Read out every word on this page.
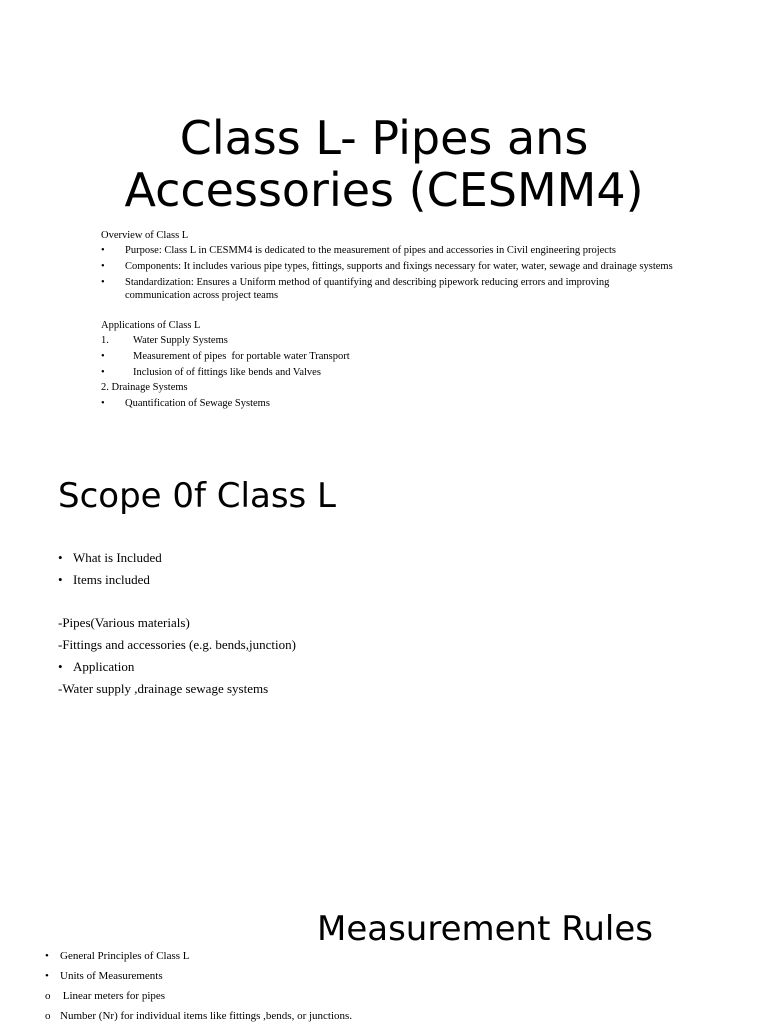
Class L- Pipes ans
Accessories (CESMM4)
Overview of Class L
• Purpose: Class L in CESMM4 is dedicated to the measurement of pipes and accessories in Civil engineering projects
• Components: It includes various pipe types, fittings, supports and fixings necessary for water, water, sewage and drainage systems
• Standardization: Ensures a Uniform method of quantifying and describing pipework reducing errors and improving communication across project teams
Applications of Class L
1. Water Supply Systems
•	Measurement of pipes  for portable water Transport
•	Inclusion of of fittings like bends and Valves
2. Drainage Systems
• Quantification of Sewage Systems
Scope 0f Class L
• What is Included
• Items included
-Pipes(Various materials)
-Fittings and accessories (e.g. bends,junction)
• Application
-Water supply ,drainage sewage systems
Measurement Rules
• General Principles of Class L
• Units of Measurements
o Linear meters for pipes
o Number (Nr) for individual items like fittings ,bends, or junctions.
